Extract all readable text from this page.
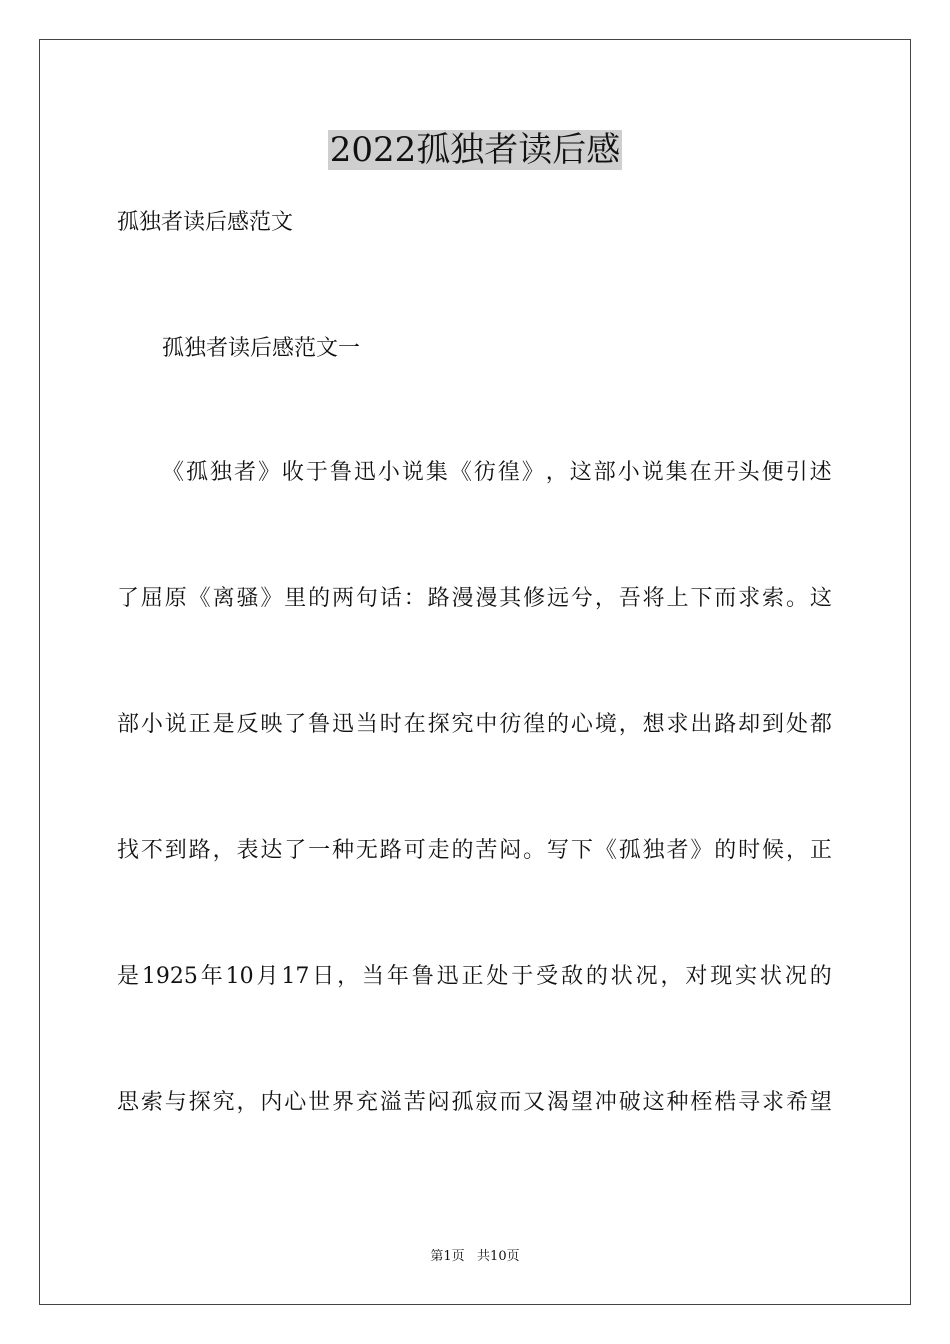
2022孤独者读后感
孤独者读后感范文
孤独者读后感范文一
《 孤 独 者 》 收 于 鲁 迅 小 说 集 《 彷 徨 》 ， 这 部 小 说 集 在 开 头 便 引 述
了 屈 原 《 离 骚 》 里 的 两 句 话 ： 路 漫 漫 其 修 远 兮 ， 吾 将 上 下 而 求 索 。 这
部 小 说 正 是 反 映 了 鲁 迅 当 时 在 探 究 中 彷 徨 的 心 境 ， 想 求 出 路 却 到 处 都
找 不 到 路 ， 表 达 了 一 种 无 路 可 走 的 苦 闷 。 写 下 《 孤 独 者 》 的 时 候 ， 正
是 1925 年 10 月 17 日 ， 当 年 鲁 迅 正 处 于 受 敌 的 状 况 ， 对 现 实 状 况 的
思 索 与 探 究 ， 内 心 世 界 充 溢 苦 闷 孤 寂 而 又 渴 望 冲 破 这 种 桎 梏 寻 求 希 望
第1页   共10页
